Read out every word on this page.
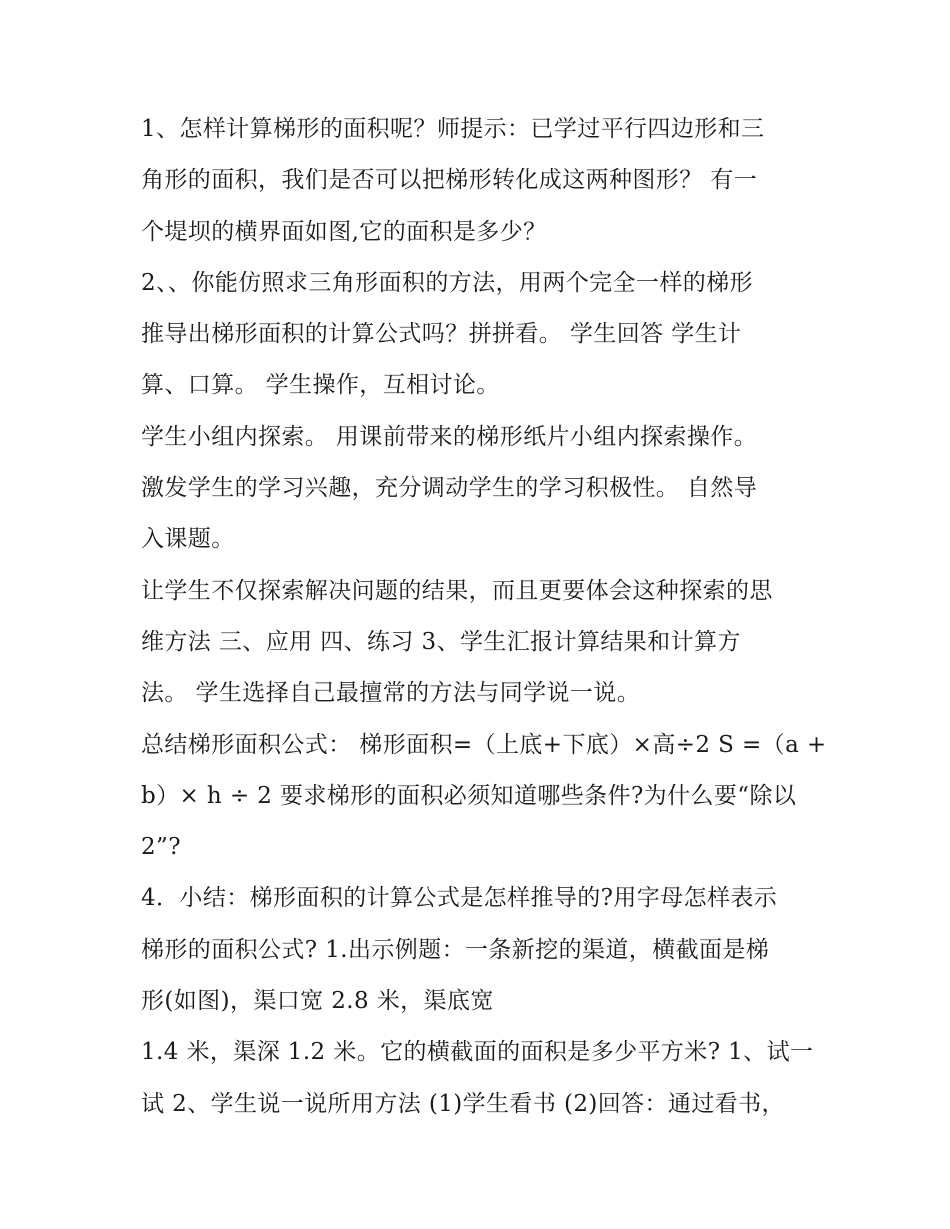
1、怎样计算梯形的面积呢？师提示：已学过平行四边形和三
角形的面积，我们是否可以把梯形转化成这两种图形？ 有一
个堤坝的横界面如图,它的面积是多少？
2、、你能仿照求三角形面积的方法，用两个完全一样的梯形
推导出梯形面积的计算公式吗？拼拼看。 学生回答 学生计
算、口算。 学生操作，互相讨论。
学生小组内探索。 用课前带来的梯形纸片小组内探索操作。
激发学生的学习兴趣，充分调动学生的学习积极性。 自然导
入课题。
让学生不仅探索解决问题的结果，而且更要体会这种探索的思
维方法 三、应用 四、练习 3、学生汇报计算结果和计算方
法。 学生选择自己最擅常的方法与同学说一说。
总结梯形面积公式： 梯形面积=（上底+下底）×高÷2 S =（a +
b）× h ÷ 2 要求梯形的面积必须知道哪些条件?为什么要“除以
2”?
4．小结：梯形面积的计算公式是怎样推导的?用字母怎样表示
梯形的面积公式? 1.出示例题：一条新挖的渠道，横截面是梯
形(如图)，渠口宽 2.8 米，渠底宽
1.4 米，渠深 1.2 米。它的横截面的面积是多少平方米? 1、试一
试 2、学生说一说所用方法 (1)学生看书 (2)回答：通过看书，
